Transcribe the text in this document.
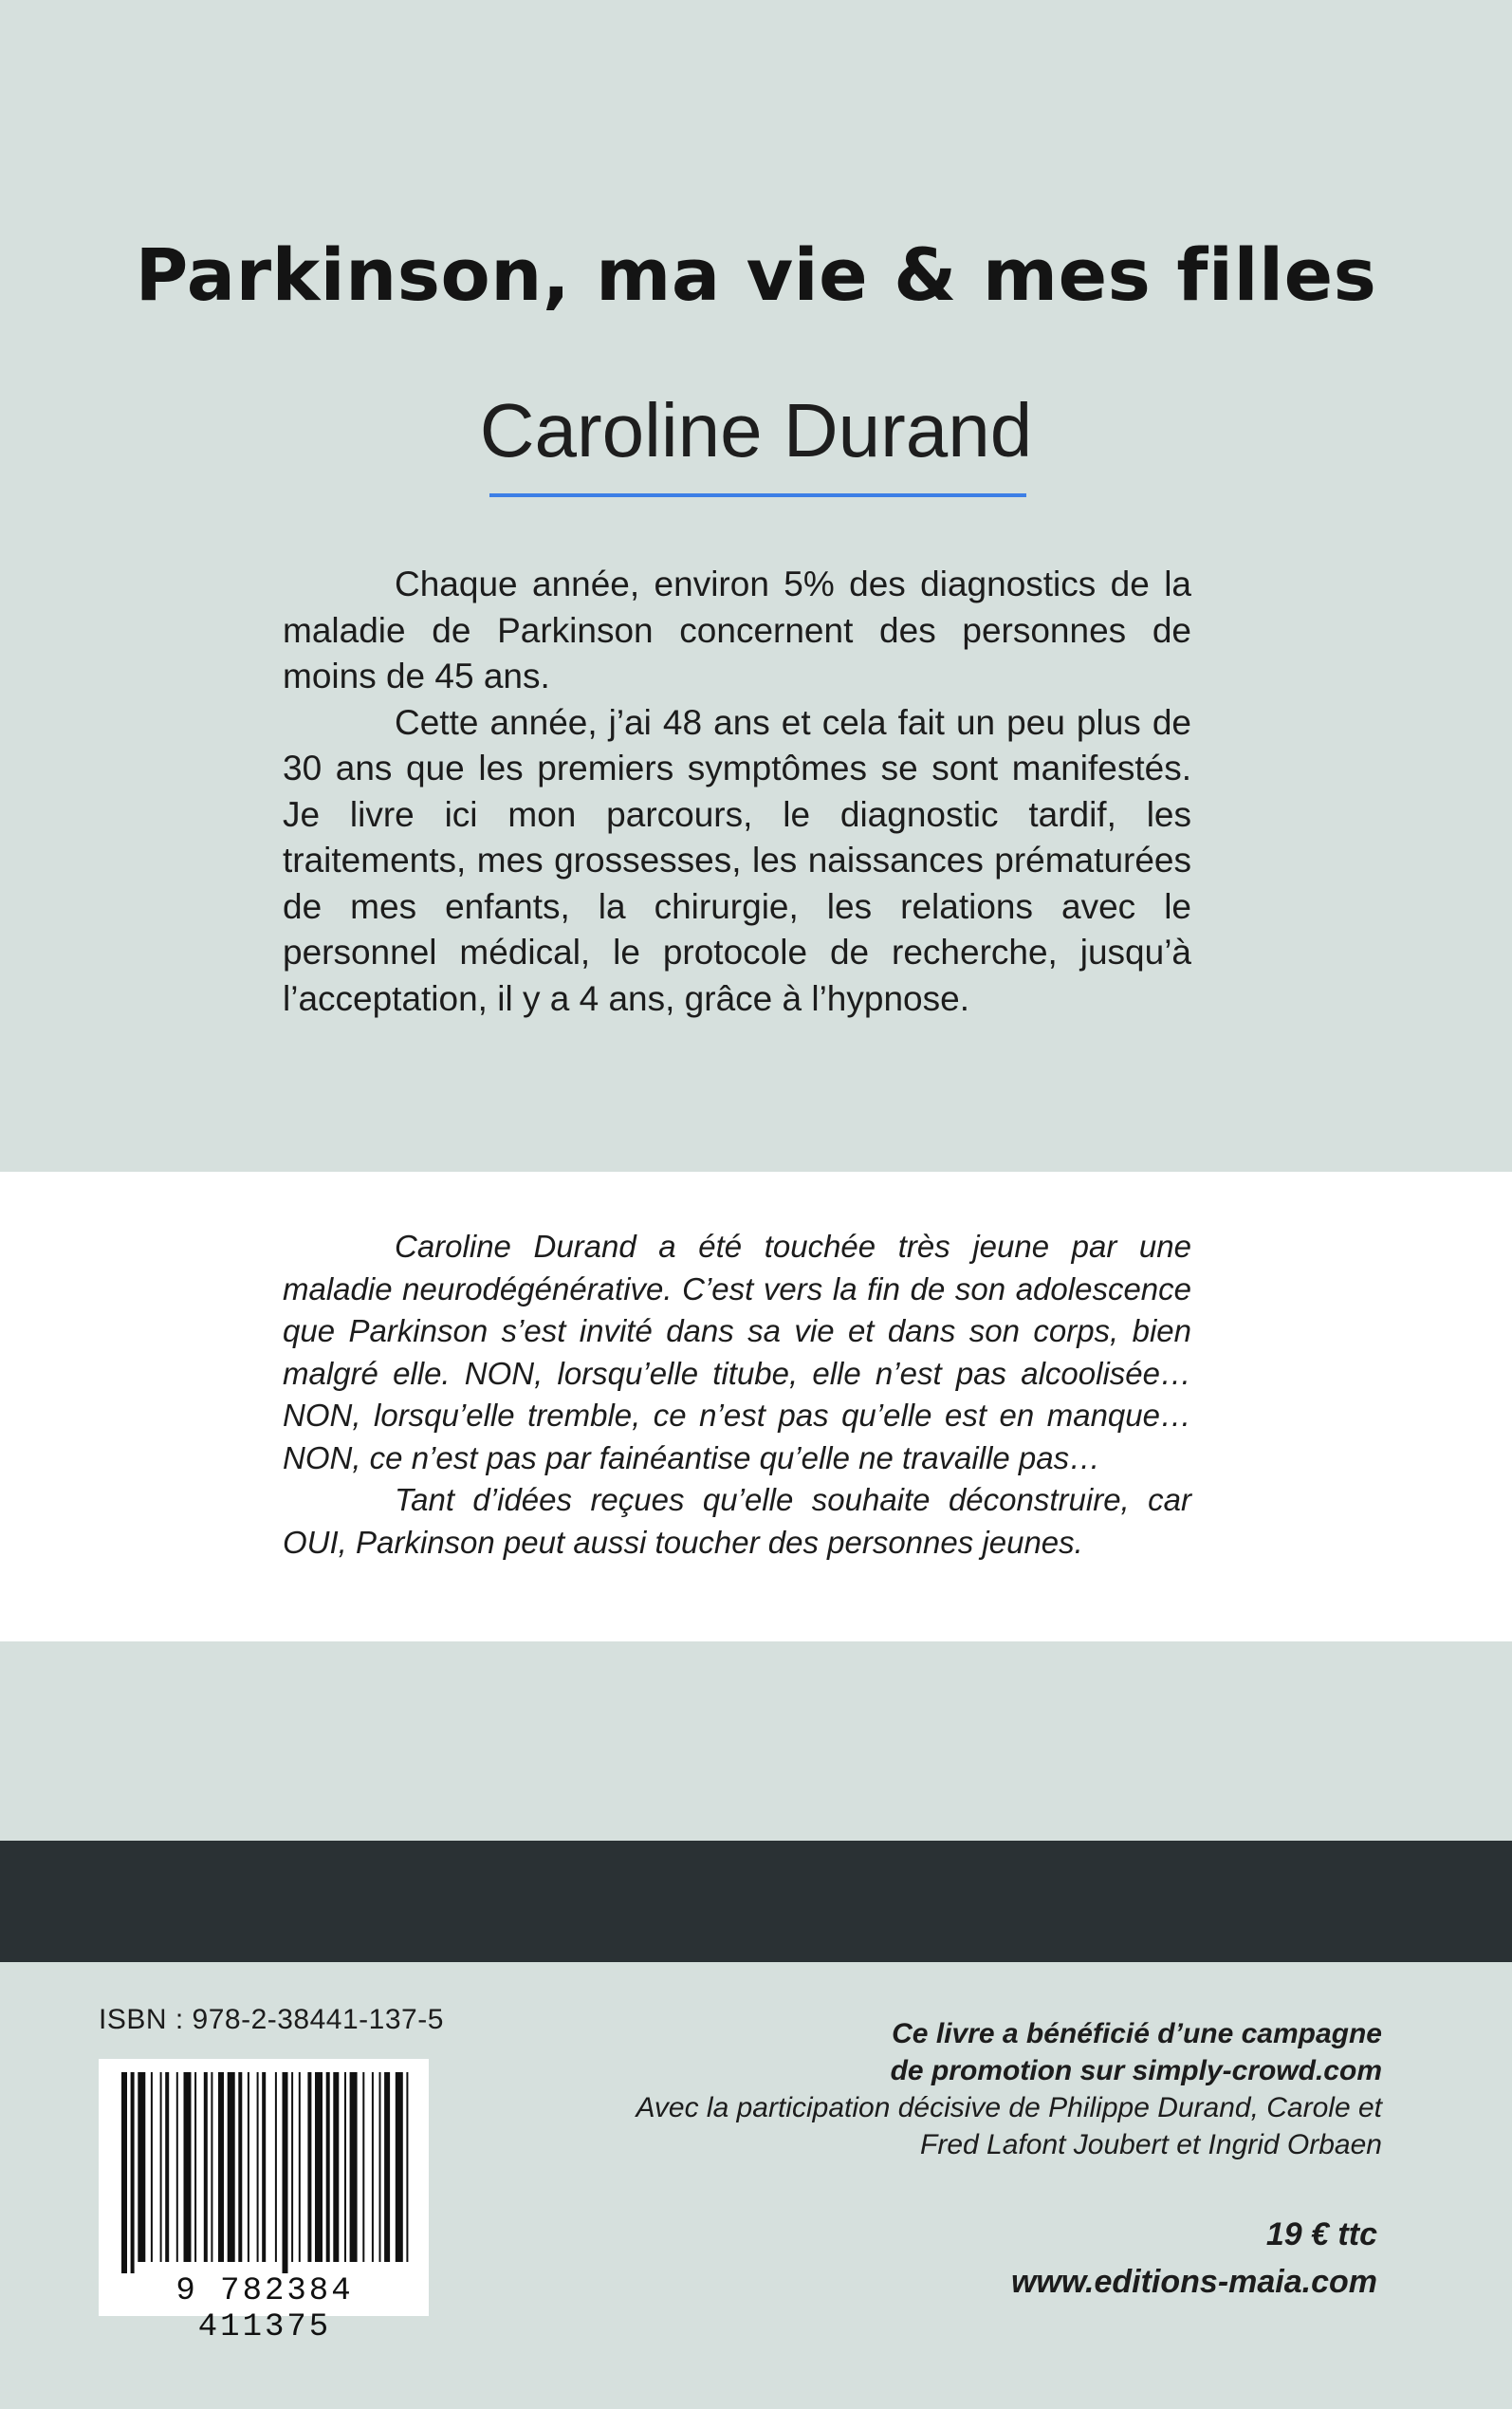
Parkinson, ma vie & mes filles
Caroline Durand

Chaque année, environ 5% des diagnostics de la maladie de Parkinson concernent des personnes de moins de 45 ans.

Cette année, j’ai 48 ans et cela fait un peu plus de 30 ans que les premiers symptômes se sont manifestés. Je livre ici mon parcours, le diagnostic tardif, les traitements, mes grossesses, les naissances prématurées de mes enfants, la chirurgie, les relations avec le personnel médical, le protocole de recherche, jusqu’à l’acceptation, il y a 4 ans, grâce à l’hypnose.

Caroline Durand a été touchée très jeune par une maladie neurodégénérative. C’est vers la fin de son adolescence que Parkinson s’est invité dans sa vie et dans son corps, bien malgré elle. NON, lorsqu’elle titube, elle n’est pas alcoolisée… NON, lorsqu’elle tremble, ce n’est pas qu’elle est en manque… NON, ce n’est pas par fainéantise qu’elle ne travaille pas…

Tant d’idées reçues qu’elle souhaite déconstruire, car OUI, Parkinson peut aussi toucher des personnes jeunes.

ISBN : 978-2-38441-137-5
9 782384 411375
Ce livre a bénéficié d’une campagne
de promotion sur simply-crowd.com
Avec la participation décisive de Philippe Durand, Carole et
Fred Lafont Joubert et Ingrid Orbaen
19 € ttc
www.editions-maia.com
